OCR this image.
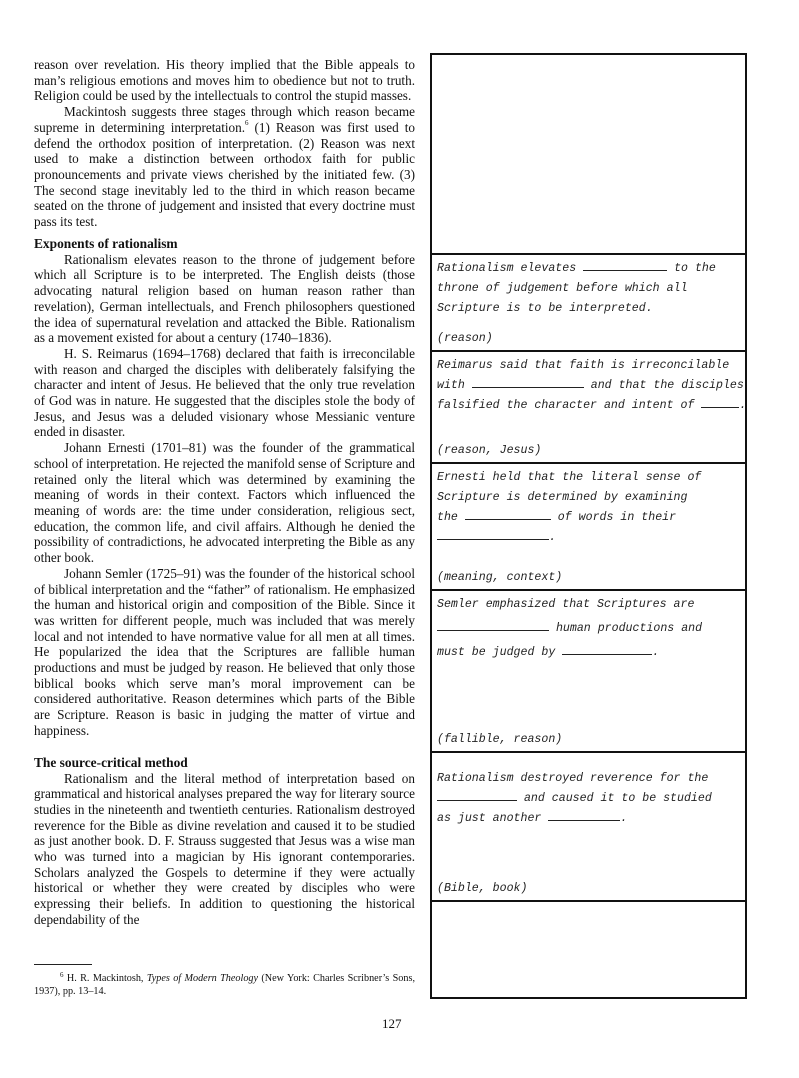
reason over revelation. His theory implied that the Bible appeals to man’s religious emotions and moves him to obedience but not to truth. Religion could be used by the intellectuals to control the stupid masses.

Mackintosh suggests three stages through which reason became supreme in determining interpretation.$^6$ (1) Reason was first used to defend the orthodox position of interpretation. (2) Reason was next used to make a distinction between orthodox faith for public pronouncements and private views cherished by the initiated few. (3) The second stage inevitably led to the third in which reason became seated on the throne of judgement and insisted that every doctrine must pass its test.

Exponents of rationalism

Rationalism elevates reason to the throne of judgement before which all Scripture is to be interpreted. The English deists (those advocating natural religion based on human reason rather than revelation), German intellectuals, and French philosophers questioned the idea of supernatural revelation and attacked the Bible. Rationalism as a movement existed for about a century (1740–1836).

H. S. Reimarus (1694–1768) declared that faith is irreconcilable with reason and charged the disciples with deliberately falsifying the character and intent of Jesus. He believed that the only true revelation of God was in nature. He suggested that the disciples stole the body of Jesus, and Jesus was a deluded visionary whose Messianic venture ended in disaster.

Johann Ernesti (1701–81) was the founder of the grammatical school of interpretation. He rejected the manifold sense of Scripture and retained only the literal which was determined by examining the meaning of words in their context. Factors which influenced the meaning of words are: the time under consideration, religious sect, education, the common life, and civil affairs. Although he denied the possibility of contradictions, he advocated interpreting the Bible as any other book.

Johann Semler (1725–91) was the founder of the historical school of biblical interpretation and the “father” of rationalism. He emphasized the human and historical origin and composition of the Bible. Since it was written for different people, much was included that was merely local and not intended to have normative value for all men at all times. He popularized the idea that the Scriptures are fallible human productions and must be judged by reason. He believed that only those biblical books which serve man’s moral improvement can be considered authoritative. Reason determines which parts of the Bible are Scripture. Reason is basic in judging the matter of virtue and happiness.

The source-critical method

Rationalism and the literal method of interpretation based on grammatical and historical analyses prepared the way for literary source studies in the nineteenth and twentieth centuries. Rationalism destroyed reverence for the Bible as divine revelation and caused it to be studied as just another book. D. F. Strauss suggested that Jesus was a wise man who was turned into a magician by His ignorant contemporaries. Scholars analyzed the Gospels to determine if they were actually historical or whether they were created by disciples who were expressing their beliefs. In addition to questioning the historical dependability of the

$^6$ H. R. Mackintosh, Types of Modern Theology (New York: Charles Scribner’s Sons, 1937), pp. 13–14.
127
Rationalism elevates	to the
throne of judgement before which all
Scripture is to be interpreted.
(reason)
Reimarus said that faith is irreconcilable
with	and that the disciples
falsified the character and intent of	.
(reason, Jesus)
Ernesti held that the literal sense of
Scripture is determined by examining
the	of words in their
.
(meaning, context)
Semler emphasized that Scriptures are
human productions and
must be judged by	.
(fallible, reason)
Rationalism destroyed reverence for the
and caused it to be studied
as just another	.
(Bible, book)
